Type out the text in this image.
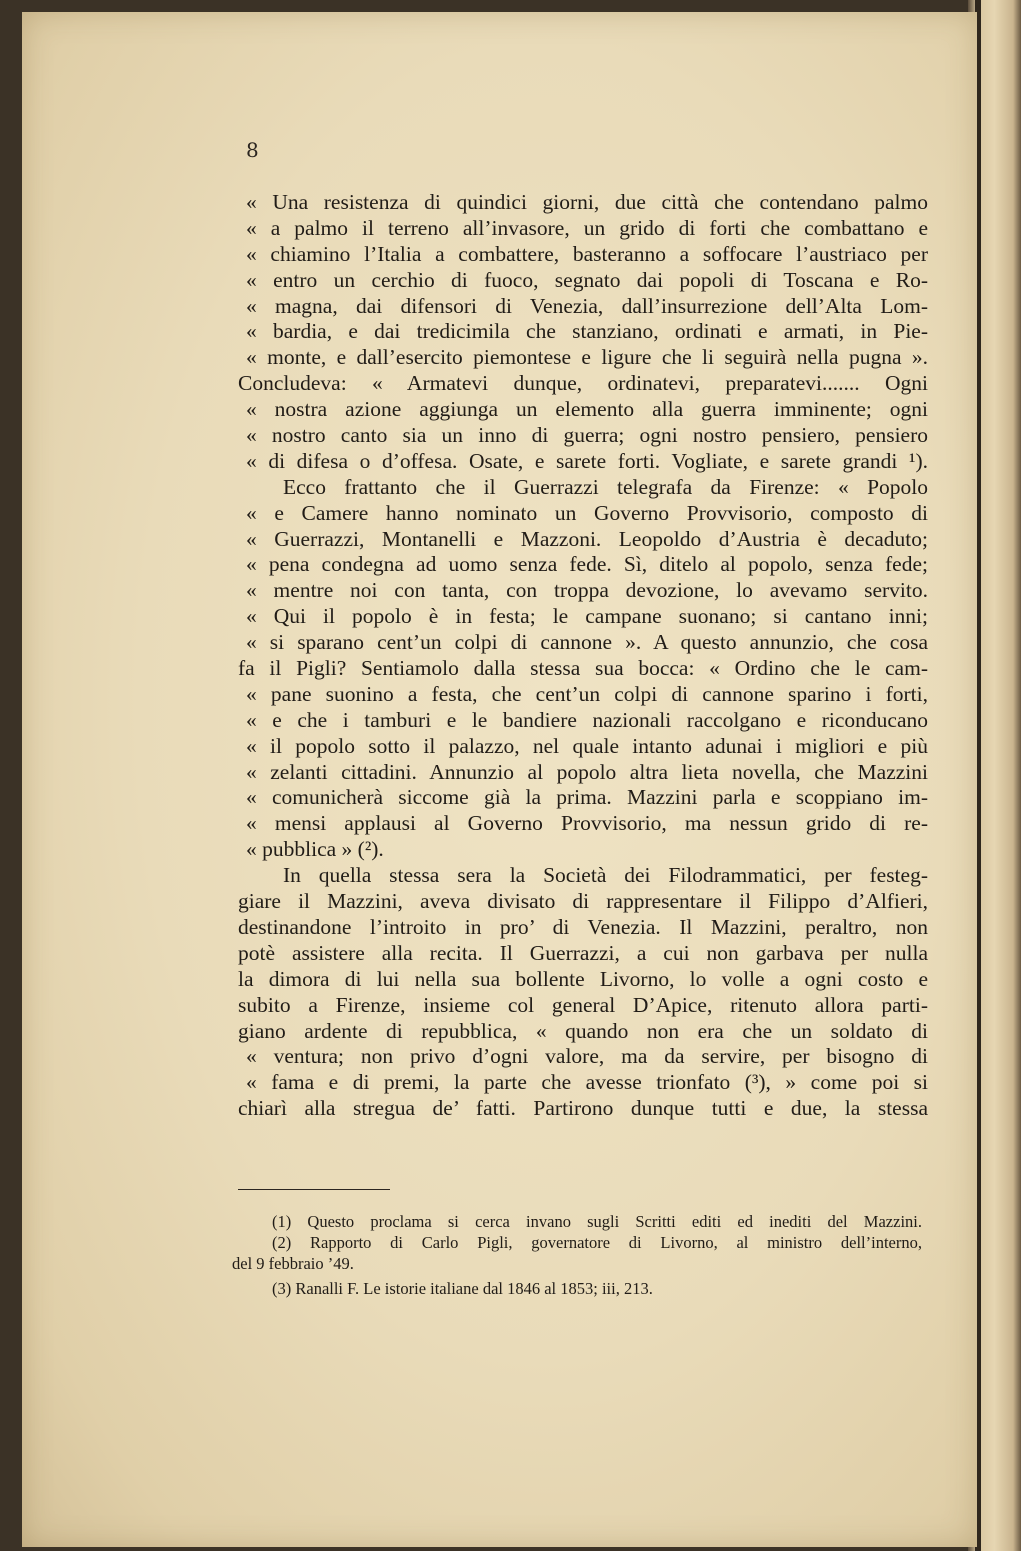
8
« Una resistenza di quindici giorni, due città che contendano palmo
« a palmo il terreno all’invasore, un grido di forti che combattano e
« chiamino l’Italia a combattere, basteranno a soffocare l’austriaco per
« entro un cerchio di fuoco, segnato dai popoli di Toscana e Ro-
« magna, dai difensori di Venezia, dall’insurrezione dell’Alta Lom-
« bardia, e dai tredicimila che stanziano, ordinati e armati, in Pie-
« monte, e dall’esercito piemontese e ligure che li seguirà nella pugna ».
Concludeva: « Armatevi dunque, ordinatevi, preparatevi....... Ogni
« nostra azione aggiunga un elemento alla guerra imminente; ogni
« nostro canto sia un inno di guerra; ogni nostro pensiero, pensiero
« di difesa o d’offesa. Osate, e sarete forti. Vogliate, e sarete grandi ¹).
Ecco frattanto che il Guerrazzi telegrafa da Firenze: « Popolo
« e Camere hanno nominato un Governo Provvisorio, composto di
« Guerrazzi, Montanelli e Mazzoni. Leopoldo d’Austria è decaduto;
« pena condegna ad uomo senza fede. Sì, ditelo al popolo, senza fede;
« mentre noi con tanta, con troppa devozione, lo avevamo servito.
« Qui il popolo è in festa; le campane suonano; si cantano inni;
« si sparano cent’un colpi di cannone ». A questo annunzio, che cosa
fa il Pigli? Sentiamolo dalla stessa sua bocca: « Ordino che le cam-
« pane suonino a festa, che cent’un colpi di cannone sparino i forti,
« e che i tamburi e le bandiere nazionali raccolgano e riconducano
« il popolo sotto il palazzo, nel quale intanto adunai i migliori e più
« zelanti cittadini. Annunzio al popolo altra lieta novella, che Mazzini
« comunicherà siccome già la prima. Mazzini parla e scoppiano im-
« mensi applausi al Governo Provvisorio, ma nessun grido di re-
« pubblica » (²).
In quella stessa sera la Società dei Filodrammatici, per festeg-
giare il Mazzini, aveva divisato di rappresentare il Filippo d’Alfieri,
destinandone l’introito in pro’ di Venezia. Il Mazzini, peraltro, non
potè assistere alla recita. Il Guerrazzi, a cui non garbava per nulla
la dimora di lui nella sua bollente Livorno, lo volle a ogni costo e
subito a Firenze, insieme col general D’Apice, ritenuto allora parti-
giano ardente di repubblica, « quando non era che un soldato di
« ventura; non privo d’ogni valore, ma da servire, per bisogno di
« fama e di premi, la parte che avesse trionfato (³), » come poi si
chiarì alla stregua de’ fatti. Partirono dunque tutti e due, la stessa
(1) Questo proclama si cerca invano sugli Scritti editi ed inediti del Mazzini.
(2) Rapporto di Carlo Pigli, governatore di Livorno, al ministro dell’interno,
del 9 febbraio ’49.
(3) Ranalli F. Le istorie italiane dal 1846 al 1853; iii, 213.
